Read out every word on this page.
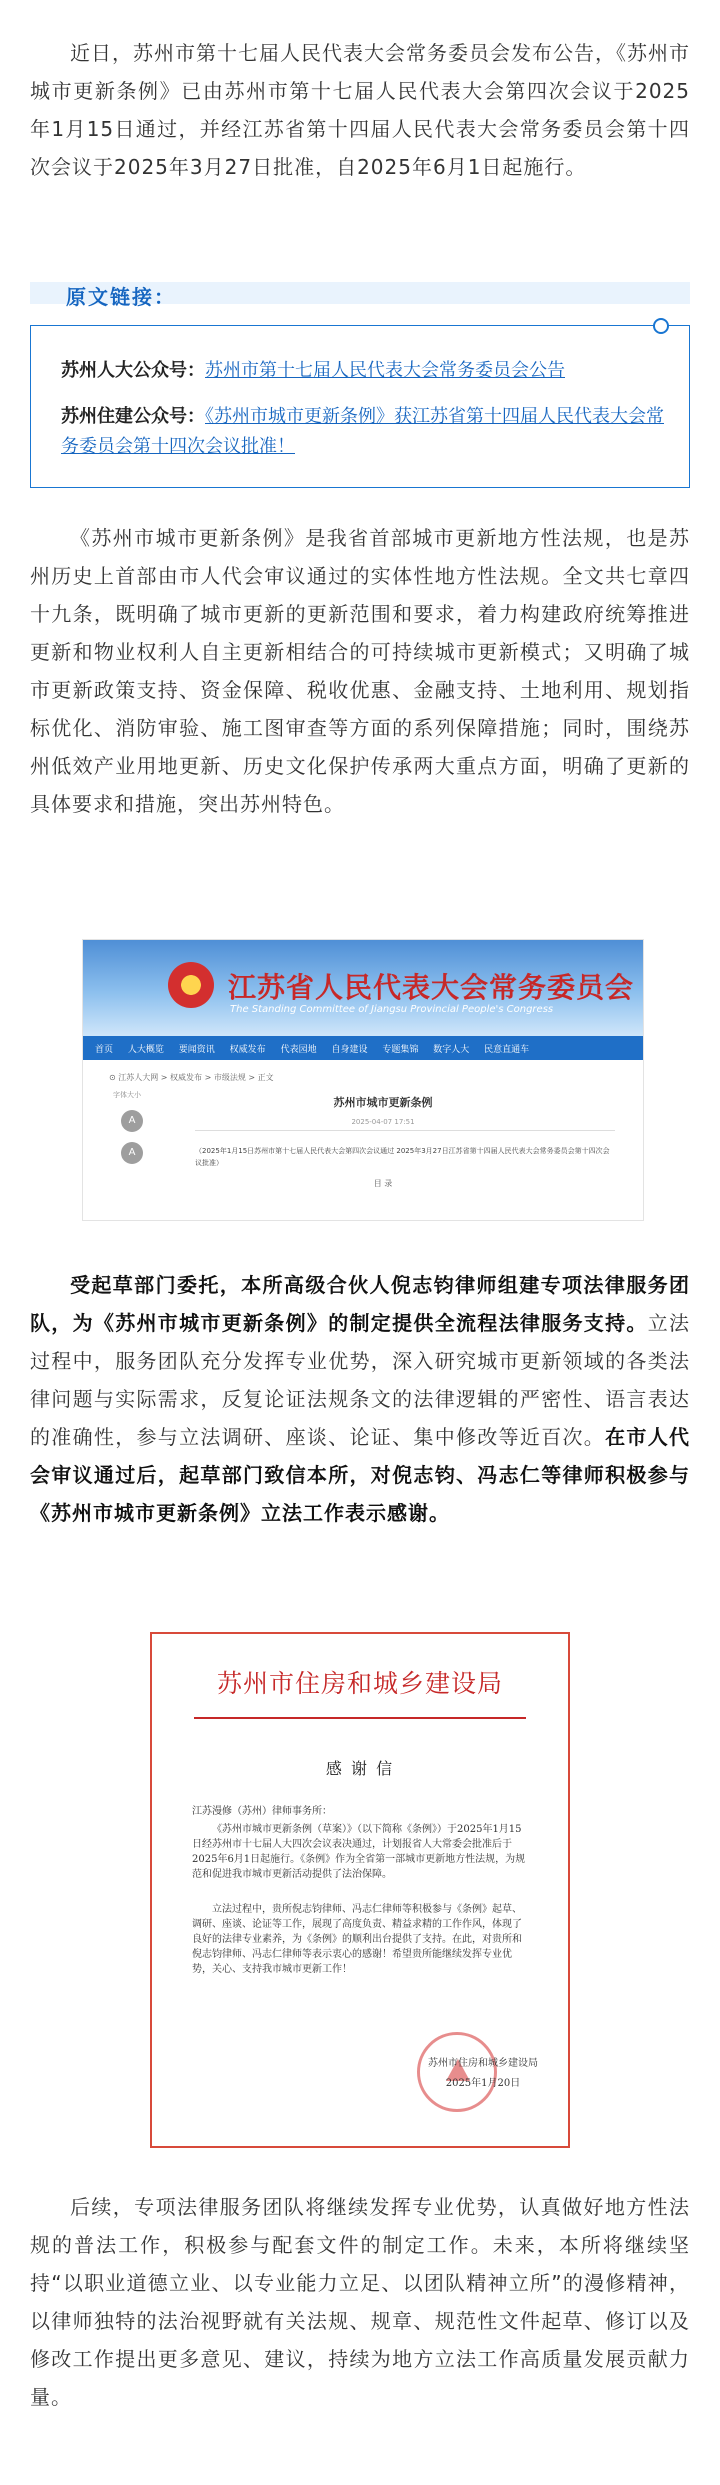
近日，苏州市第十七届人民代表大会常务委员会发布公告，《苏州市城市更新条例》已由苏州市第十七届人民代表大会第四次会议于2025年1月15日通过，并经江苏省第十四届人民代表大会常务委员会第十四次会议于2025年3月27日批准，自2025年6月1日起施行。

原文链接：
苏州人大公众号：苏州市第十七届人民代表大会常务委员会公告
苏州住建公众号：《苏州市城市更新条例》获江苏省第十四届人民代表大会常务委员会第十四次会议批准！

《苏州市城市更新条例》是我省首部城市更新地方性法规，也是苏州历史上首部由市人代会审议通过的实体性地方性法规。全文共七章四十九条，既明确了城市更新的更新范围和要求，着力构建政府统筹推进更新和物业权利人自主更新相结合的可持续城市更新模式；又明确了城市更新政策支持、资金保障、税收优惠、金融支持、土地利用、规划指标优化、消防审验、施工图审查等方面的系列保障措施；同时，围绕苏州低效产业用地更新、历史文化保护传承两大重点方面，明确了更新的具体要求和措施，突出苏州特色。

江苏省人民代表大会常务委员会
The Standing Committee of Jiangsu Provincial People's Congress
首页 人大概览 要闻资讯 权威发布 代表园地 自身建设 专题集锦 数字人大 民意直通车
⊙ 江苏人大网 > 权威发布 > 市级法规 > 正文
字体大小
A
A
苏州市城市更新条例
2025-04-07 17:51
（2025年1月15日苏州市第十七届人民代表大会第四次会议通过 2025年3月27日江苏省第十四届人民代表大会常务委员会第十四次会议批准）
目 录

受起草部门委托，本所高级合伙人倪志钧律师组建专项法律服务团队，为《苏州市城市更新条例》的制定提供全流程法律服务支持。立法过程中，服务团队充分发挥专业优势，深入研究城市更新领域的各类法律问题与实际需求，反复论证法规条文的法律逻辑的严密性、语言表达的准确性，参与立法调研、座谈、论证、集中修改等近百次。在市人代会审议通过后，起草部门致信本所，对倪志钧、冯志仁等律师积极参与《苏州市城市更新条例》立法工作表示感谢。

苏州市住房和城乡建设局
感 谢 信
江苏漫修（苏州）律师事务所：

《苏州市城市更新条例（草案）》（以下简称《条例》）于2025年1月15日经苏州市十七届人大四次会议表决通过，计划报省人大常委会批准后于2025年6月1日起施行。《条例》作为全省第一部城市更新地方性法规，为规范和促进我市城市更新活动提供了法治保障。

立法过程中，贵所倪志钧律师、冯志仁律师等积极参与《条例》起草、调研、座谈、论证等工作，展现了高度负责、精益求精的工作作风，体现了良好的法律专业素养，为《条例》的顺利出台提供了支持。在此，对贵所和倪志钧律师、冯志仁律师等表示衷心的感谢！希望贵所能继续发挥专业优势，关心、支持我市城市更新工作！

苏州市住房和城乡建设局
2025年1月20日

后续，专项法律服务团队将继续发挥专业优势，认真做好地方性法规的普法工作，积极参与配套文件的制定工作。未来，本所将继续坚持“以职业道德立业、以专业能力立足、以团队精神立所”的漫修精神，以律师独特的法治视野就有关法规、规章、规范性文件起草、修订以及修改工作提出更多意见、建议，持续为地方立法工作高质量发展贡献力量。
